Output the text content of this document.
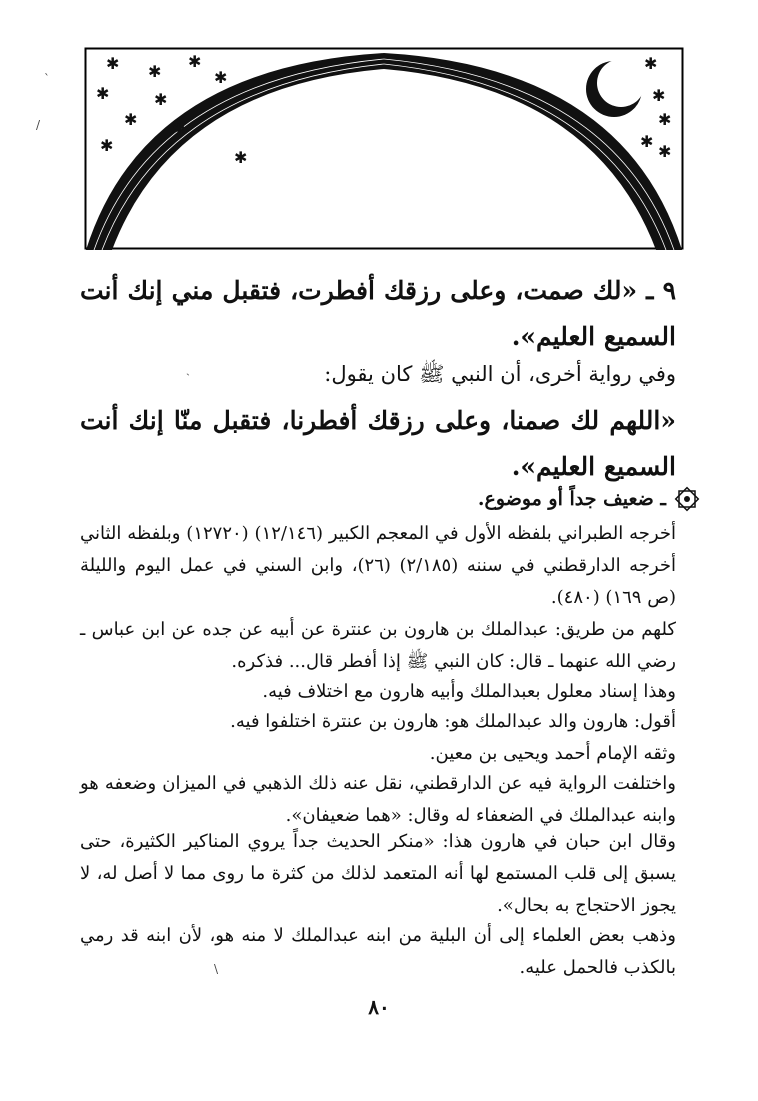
✱ ✱
✱
✱
✱	✱
✱
✱
✱
✱
✱
✱
✱
✱
✱
٩ ـ «لك صمت، وعلى رزقك أفطرت، فتقبل مني إنك أنت السميع العليم».
وفي رواية أخرى، أن النبي ﷺ كان يقول:
«اللهم لك صمنا، وعلى رزقك أفطرنا، فتقبل منّا إنك أنت السميع العليم».
ـ ضعيف جداً أو موضوع.
أخرجه الطبراني بلفظه الأول في المعجم الكبير (١٢/١٤٦) (١٢٧٢٠) وبلفظه الثاني أخرجه الدارقطني في سننه (٢/١٨٥) (٢٦)، وابن السني في عمل اليوم والليلة (ص ١٦٩) (٤٨٠).
كلهم من طريق: عبدالملك بن هارون بن عنترة عن أبيه عن جده عن ابن عباس ـ رضي الله عنهما ـ قال: كان النبي ﷺ إذا أفطر قال... فذكره.
وهذا إسناد معلول بعبدالملك وأبيه هارون مع اختلاف فيه.
أقول: هارون والد عبدالملك هو: هارون بن عنترة اختلفوا فيه.
وثقه الإمام أحمد ويحيى بن معين.
واختلفت الرواية فيه عن الدارقطني، نقل عنه ذلك الذهبي في الميزان وضعفه هو وابنه عبدالملك في الضعفاء له وقال: «هما ضعيفان».
وقال ابن حبان في هارون هذا: «منكر الحديث جداً يروي المناكير الكثيرة، حتى يسبق إلى قلب المستمع لها أنه المتعمد لذلك من كثرة ما روى مما لا أصل له، لا يجوز الاحتجاج به بحال».
وذهب بعض العلماء إلى أن البلية من ابنه عبدالملك لا منه هو، لأن ابنه قد رمي بالكذب فالحمل عليه.
٨٠
ˋ
/
ˎ
\
